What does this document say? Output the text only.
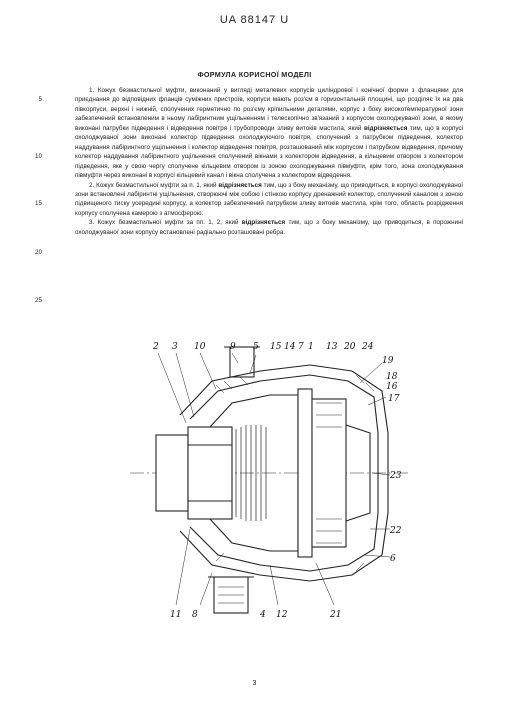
UA 88147 U
5
10
15
20
25
ФОРМУЛА КОРИСНОЇ МОДЕЛІ

1. Кожух безмастильної муфти, виконаний у вигляді металевих корпусів циліндрової і конічної форми з фланцями для приєднання до відповідних фланців суміжних пристроїв, корпуси мають роз'єм в горизонтальній площині, що розділяє їх на два півкорпуси, верхні і нижній, сполучених герметично по роз'єму кріпильними деталями, корпус з боку високотемпературної зони забезпечений встановленим в ньому лабіринтним ущільненням і телескопічно зв'язаний з корпусом охолоджуваної зони, в якому виконані патрубки підведення і відведення повітря і трубопроводи зливу витоків мастила, який відрізняється тим, що в корпусі охолоджуваної зони виконані колектор підведення охолоджуючого повітря, сполучений з патрубком підведення, колектор наддування лабіринтного ущільнення і колектор відведення повітря, розташований між корпусом і патрубком відведення, причому колектор наддування лабіринтного ущільнення сполучений вікнами з колектором відведення, а кільцевим отвором з колектором підведення, яке у свою чергу сполучене кільцевим отвором із зоною охолоджування півмуфти, крім того, зона охолоджування півмуфти через виконані в корпусі кільцевий канал і вікна сполучена з колектором відведення.

2. Кожух безмастильної муфти за п. 1, який відрізняється тим, що з боку механізму, що приводиться, в корпусі охолоджуваної зони встановлені лабіринтні ущільнення, створюючі між собою і стінкою корпусу дренажний колектор, сполучений каналом з зоною підвищеного тиску усередині корпусу, а колектор забезпечений патрубком зливу витоків мастила, крім того, область розрідження корпусу сполучена камерою з атмосферою.

3. Кожух безмастильної муфти за пп. 1, 2, який відрізняється тим, що з боку механізму, що приводиться, в порожнині охолоджуваної зони корпусу встановлені радіально розташовані ребра.

2 3 10	9 5 15 14 7 1 13 20 24
19
18
16
17
23
22
6
11 8	4 12	21
3
